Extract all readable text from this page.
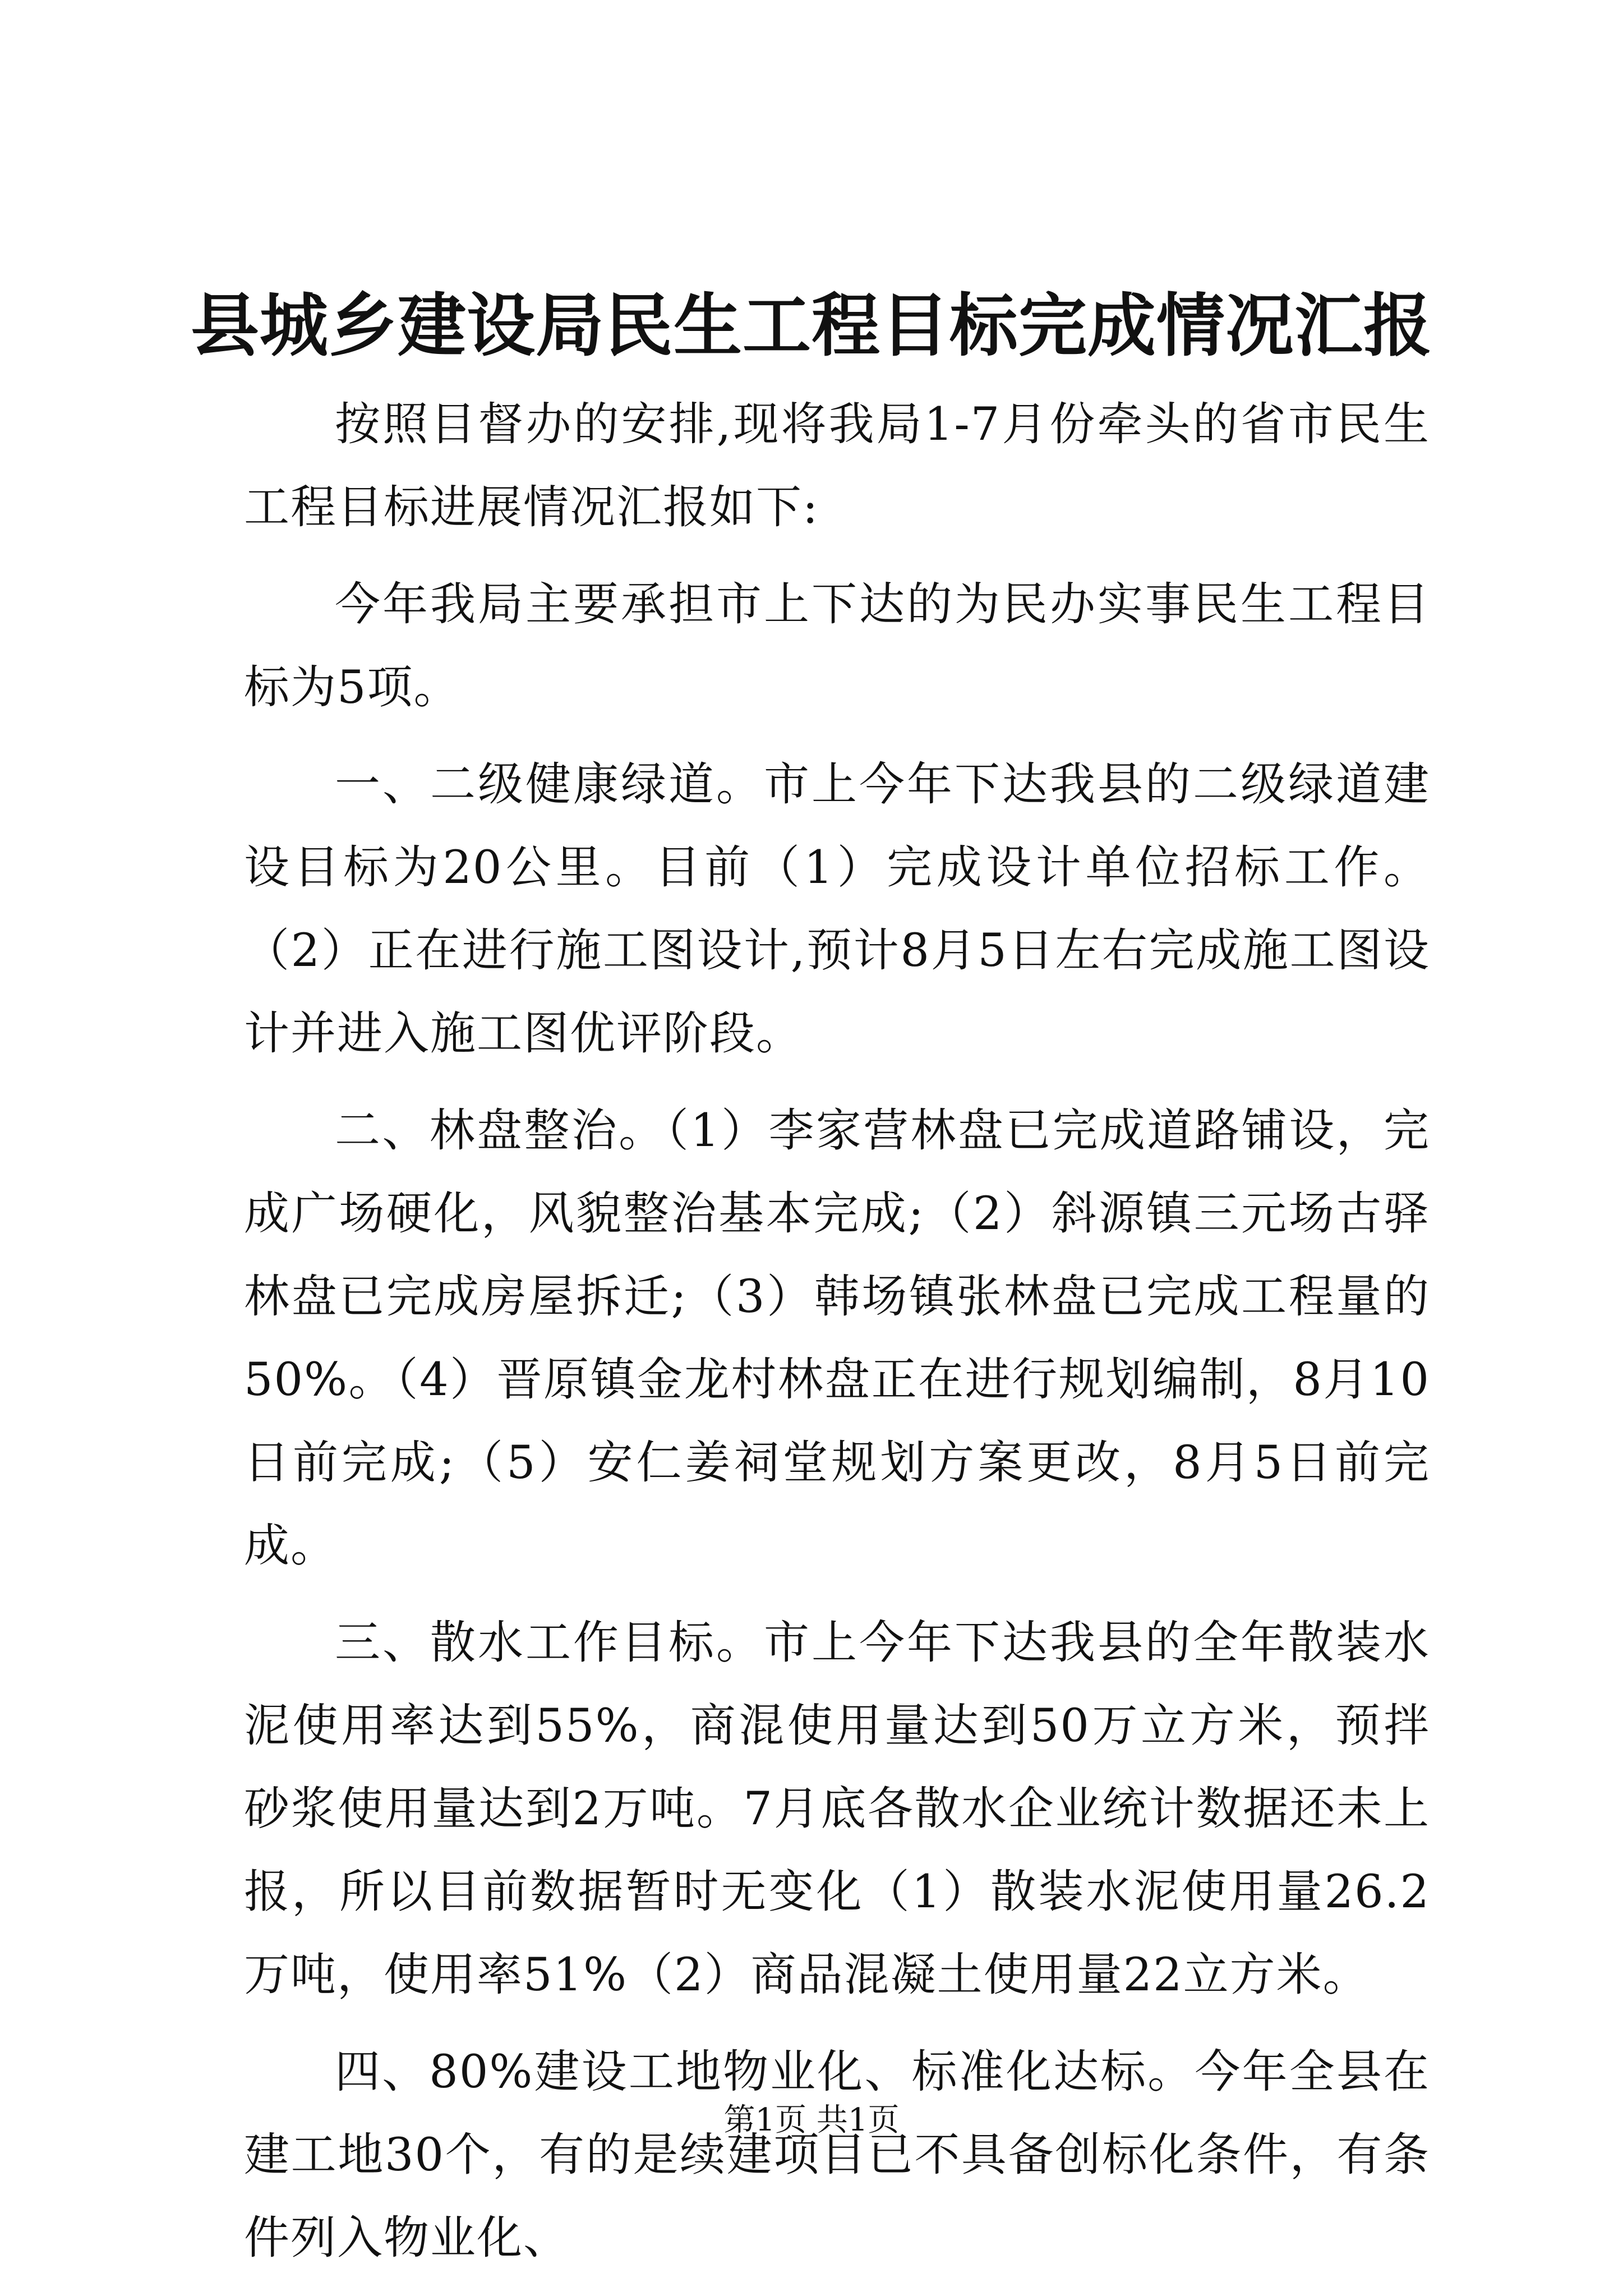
县城乡建设局民生工程目标完成情况汇报

按照目督办的安排,现将我局1-7月份牵头的省市民生工程目标进展情况汇报如下:

今年我局主要承担市上下达的为民办实事民生工程目标为5项。

一、二级健康绿道。市上今年下达我县的二级绿道建设目标为20公里。目前（1）完成设计单位招标工作。（2）正在进行施工图设计,预计8月5日左右完成施工图设计并进入施工图优评阶段。

二、林盘整治。（1）李家营林盘已完成道路铺设，完成广场硬化，风貌整治基本完成;（2）斜源镇三元场古驿林盘已完成房屋拆迁;（3）韩场镇张林盘已完成工程量的50%。（4）晋原镇金龙村林盘正在进行规划编制，8月10日前完成;（5）安仁姜祠堂规划方案更改，8月5日前完成。

三、散水工作目标。市上今年下达我县的全年散装水泥使用率达到55%，商混使用量达到50万立方米，预拌砂浆使用量达到2万吨。7月底各散水企业统计数据还未上报，所以目前数据暂时无变化（1）散装水泥使用量26.2万吨，使用率51%（2）商品混凝土使用量22立方米。

四、80%建设工地物业化、标准化达标。今年全县在建工地30个，有的是续建项目已不具备创标化条件，有条件列入物业化、

第1页 共1页
